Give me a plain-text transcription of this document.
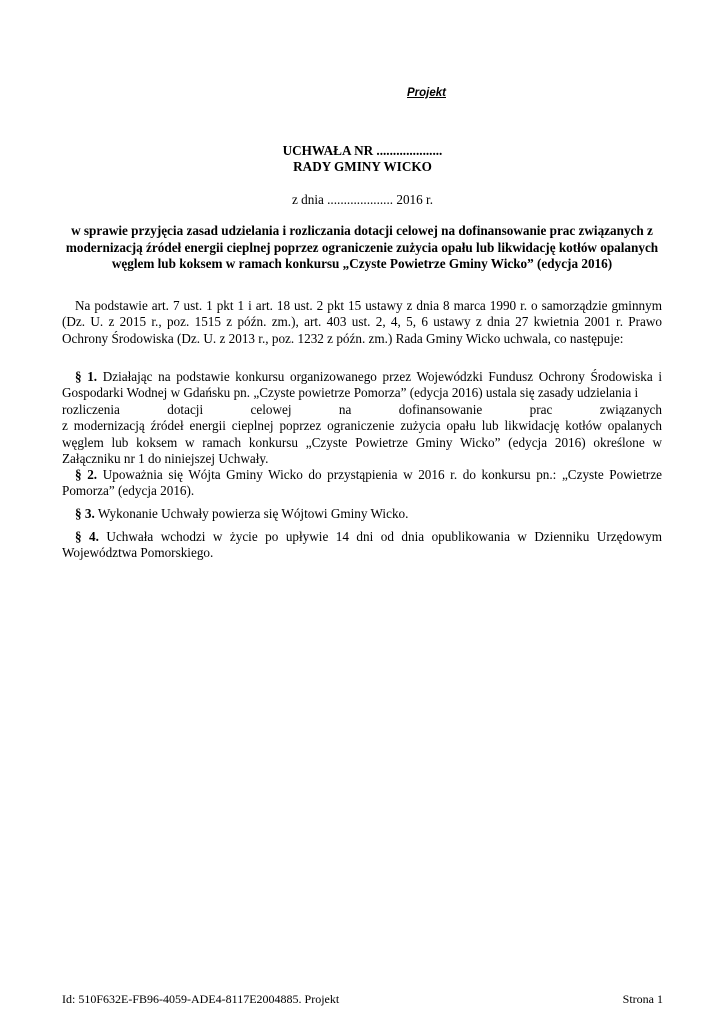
Projekt
UCHWAŁA NR ....................
RADY GMINY WICKO
z dnia .................... 2016 r.
w sprawie przyjęcia zasad udzielania i rozliczania dotacji celowej na dofinansowanie prac związanych z modernizacją źródeł energii cieplnej poprzez ograniczenie zużycia opału lub likwidację kotłów opalanych węglem lub koksem w ramach konkursu „Czyste Powietrze Gminy Wicko” (edycja 2016)

Na podstawie art. 7 ust. 1 pkt 1 i art. 18 ust. 2 pkt 15 ustawy z dnia 8 marca 1990 r. o samorządzie gminnym (Dz. U. z 2015 r., poz. 1515 z późn. zm.), art. 403 ust. 2, 4, 5, 6 ustawy z dnia 27 kwietnia 2001 r. Prawo Ochrony Środowiska (Dz. U. z 2013 r., poz. 1232 z późn. zm.) Rada Gminy Wicko uchwala, co następuje:

§ 1. Działając na podstawie konkursu organizowanego przez Wojewódzki Fundusz Ochrony Środowiska i Gospodarki Wodnej w Gdańsku pn. „Czyste powietrze Pomorza” (edycja 2016) ustala się zasady udzielania i

rozliczenia	dotacji	celowej	na	dofinansowanie	prac	związanych
z modernizacją źródeł energii cieplnej poprzez ograniczenie zużycia opału lub likwidację kotłów opalanych węglem lub koksem w ramach konkursu „Czyste Powietrze Gminy Wicko” (edycja 2016) określone w Załączniku nr 1 do niniejszej Uchwały.

§ 2. Upoważnia się Wójta Gminy Wicko do przystąpienia w 2016 r. do konkursu pn.: „Czyste Powietrze Pomorza” (edycja 2016).

§ 3. Wykonanie Uchwały powierza się Wójtowi Gminy Wicko.

§ 4. Uchwała wchodzi w życie po upływie 14 dni od dnia opublikowania w Dzienniku Urzędowym Województwa Pomorskiego.

Id: 510F632E-FB96-4059-ADE4-8117E2004885. Projekt	Strona 1
